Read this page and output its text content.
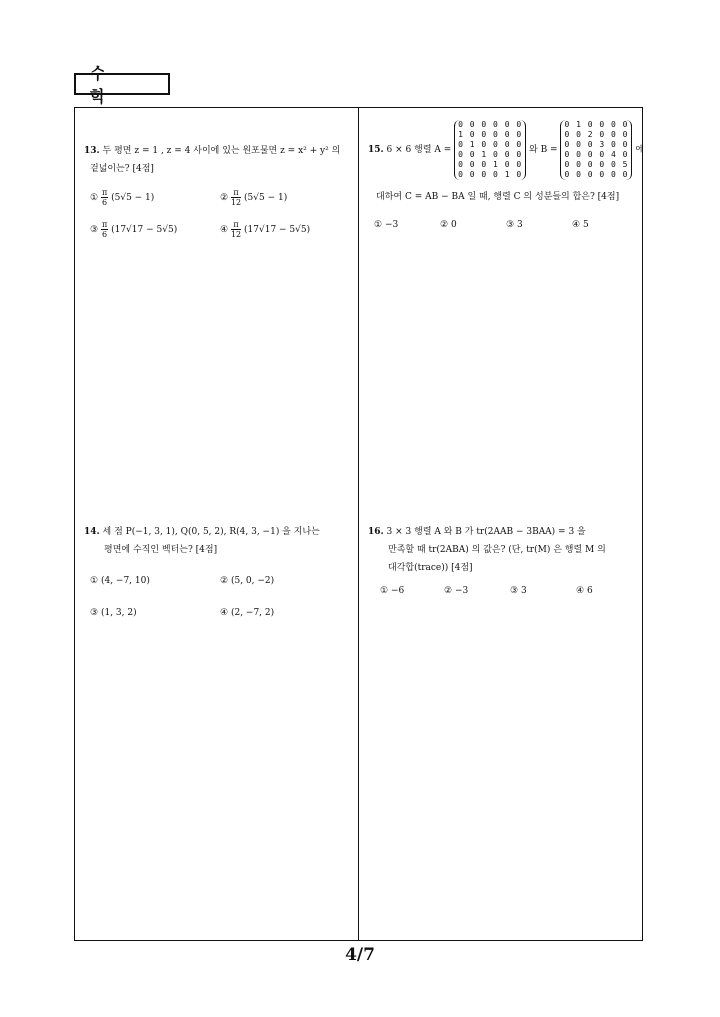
수 학
13. 두 평면 z = 1 , z = 4 사이에 있는 원포물면 z = x² + y² 의
겉넓이는? [4점]
① $\frac{\pi}{6} (5√5 - 1)$	② $\frac{\pi}{12} (5√5 - 1)$
③ $\frac{\pi}{6} (17√17 - 5√5)$	④ $\frac{\pi}{12} (17√17 - 5√5)$
14. 세 점 P(−1, 3, 1), Q(0, 5, 2), R(4, 3, −1) 을 지나는
평면에 수직인 벡터는? [4점]
① (4, −7, 10)	② (5, 0, −2)
③ (1, 3, 2)	④ (2, −7, 2)
15. 6 × 6 행렬 A =
0 0 0 0 0 0
1 0 0 0 0 0
0 1 0 0 0 0
0 0 1 0 0 0
0 0 0 1 0 0
0 0 0 0 1 0
와 B =
0 1 0 0 0 0
0 0 2 0 0 0
0 0 0 3 0 0
0 0 0 0 4 0
0 0 0 0 0 5
0 0 0 0 0 0
에
대하여 C = AB − BA 일 때, 행렬 C 의 성분들의 합은? [4점]
① −3	② 0	③ 3	④ 5
16. 3 × 3 행렬 A 와 B 가 tr(2AAB − 3BAA) = 3 을
만족할 때 tr(2ABA) 의 값은? (단, tr(M) 은 행렬 M 의
대각합(trace)) [4점]
① −6	② −3	③ 3	④ 6
4/7
